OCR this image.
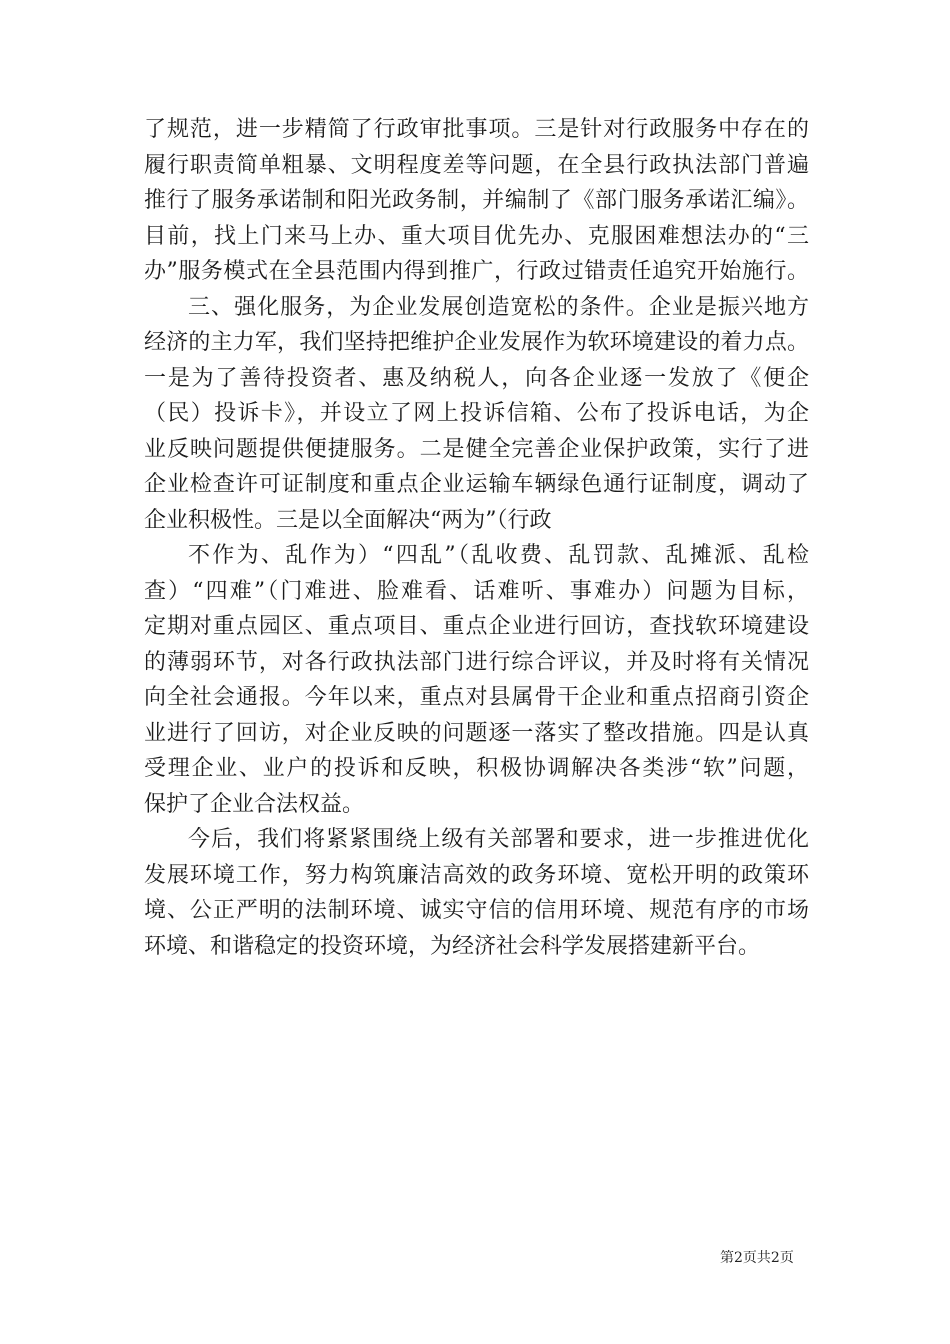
了规范，进一步精简了行政审批事项。三是针对行政服务中存在的
履行职责简单粗暴、文明程度差等问题，在全县行政执法部门普遍
推行了服务承诺制和阳光政务制，并编制了《部门服务承诺汇编》。
目前，找上门来马上办、重大项目优先办、克服困难想法办的“三
办”服务模式在全县范围内得到推广，行政过错责任追究开始施行。
三、强化服务，为企业发展创造宽松的条件。企业是振兴地方
经济的主力军，我们坚持把维护企业发展作为软环境建设的着力点。
一是为了善待投资者、惠及纳税人，向各企业逐一发放了《便企
（民）投诉卡》，并设立了网上投诉信箱、公布了投诉电话，为企
业反映问题提供便捷服务。二是健全完善企业保护政策，实行了进
企业检查许可证制度和重点企业运输车辆绿色通行证制度，调动了
企业积极性。三是以全面解决“两为”（行政
不作为、乱作为）“四乱”（乱收费、乱罚款、乱摊派、乱检
查）“四难”（门难进、脸难看、话难听、事难办）问题为目标，
定期对重点园区、重点项目、重点企业进行回访，查找软环境建设
的薄弱环节，对各行政执法部门进行综合评议，并及时将有关情况
向全社会通报。今年以来，重点对县属骨干企业和重点招商引资企
业进行了回访，对企业反映的问题逐一落实了整改措施。四是认真
受理企业、业户的投诉和反映，积极协调解决各类涉“软”问题，
保护了企业合法权益。
今后，我们将紧紧围绕上级有关部署和要求，进一步推进优化
发展环境工作，努力构筑廉洁高效的政务环境、宽松开明的政策环
境、公正严明的法制环境、诚实守信的信用环境、规范有序的市场
环境、和谐稳定的投资环境，为经济社会科学发展搭建新平台。
第2页共2页
